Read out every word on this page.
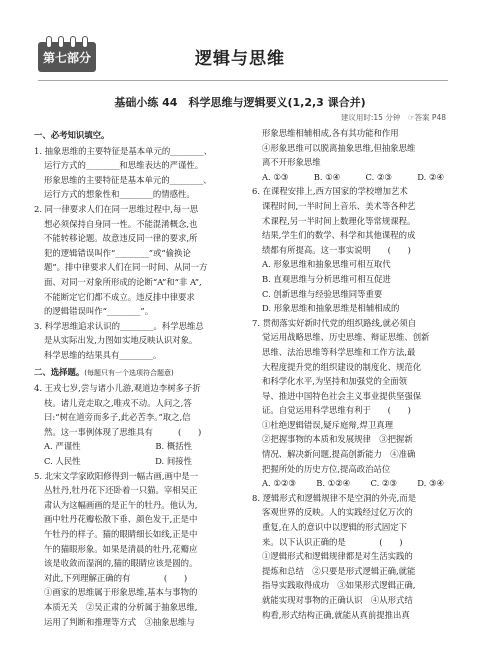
第七部分	逻辑与思维
基础小练 44　科学思维与逻辑要义(1,2,3 课合并)
建议用时:15 分钟　☞答案 P48
一、必考知识填空。
1. 抽象思维的主要特征是基本单元的________、
运行方式的________和思维表达的严谨性。
形象思维的主要特征是基本单元的________、
运行方式的想象性和________的情感性。
2. 同一律要求人们在同一思维过程中,每一思
想必须保持自身同一性。不能混淆概念,也
不能转移论题。故意违反同一律的要求,所
犯的逻辑错误叫作“________”或“偷换论
题”。排中律要求人们在同一时间、从同一方
面、对同一对象所形成的论断“A”和“非 A”,
不能断定它们都不成立。违反排中律要求
的逻辑错误叫作“________”。
3. 科学思维追求认识的________。科学思维总
是从实际出发,力图如实地反映认识对象。
科学思维的结果具有________。
二、选择题。(每题只有一个选项符合题意)
4. 王戎七岁,尝与诸小儿游,观道边李树多子折
枝。诸儿竞走取之,唯戎不动。人问之,答
曰:“树在道旁而多子,此必苦李。”取之,信
然。这一事例体现了思维具有　　　(　　)
A. 严谨性	B. 概括性
C. 人民性	D. 间接性
5. 北宋文学家欧阳修得到一幅古画,画中是一
丛牡丹,牡丹花下还卧着一只猫。宰相吴正
肃认为这幅画画的是正午的牡丹。他认为,
画中牡丹花瓣松散下垂、颜色发干,正是中
午牡丹的样子。猫的眼睛细长如线,正是中
午的猫眼形象。如果是清晨的牡丹,花瓣应
该是收敛而湿润的,猫的眼睛应该是圆的。
对此,下列理解正确的有　　　　(　　)
①画家的思维属于形象思维,基本与事物的
本质无关　②吴正肃的分析属于抽象思维,
运用了判断和推理等方式　③抽象思维与
形象思维相辅相成,各有其功能和作用
④形象思维可以脱离抽象思维,但抽象思维
离不开形象思维
A. ①③	B. ①④	C. ②③	D. ②④
6. 在课程安排上,西方国家的学校增加艺术
课程时间,一半时间上音乐、美术等各种艺
术课程,另一半时间上数理化等常规课程。
结果,学生们的数学、科学和其他课程的成
绩都有所提高。这一事实说明　　(　　)
A. 形象思维和抽象思维可相互取代
B. 直观思维与分析思维可相互促进
C. 创新思维与经验思维同等重要
D. 形象思维和抽象思维是相辅相成的
7. 贯彻落实好新时代党的组织路线,就必须自
觉运用战略思维、历史思维、辩证思维、创新
思维、法治思维等科学思维和工作方法,最
大程度提升党的组织建设的制度化、规范化
和科学化水平,为坚持和加强党的全面领
导、推进中国特色社会主义事业提供坚强保
证。自觉运用科学思维有利于　　(　　)
①杜绝逻辑错误,疑斥庭辩,焊卫真理
②把握事物的本质和发展规律　③把握新
情况、解决新问题,提高创新能力　④准确
把握所处的历史方位,提高政治站位
A. ①②③ B. ①②④ C. ②③ D. ③④
8. 逻辑形式和逻辑规律不是空洞的外壳,而是
客观世界的反映。人的实践经过亿万次的
重复,在人的意识中以逻辑的形式固定下
来。以下认识正确的是　　　　(　　)
①逻辑形式和逻辑规律都是对生活实践的
提炼和总结　②只要是形式逻辑正确,就能
指导实践取得成功　③如果形式逻辑正确,
就能实现对事物的正确认识　④从形式结
构看,形式结构正确,就能从真前提推出真
